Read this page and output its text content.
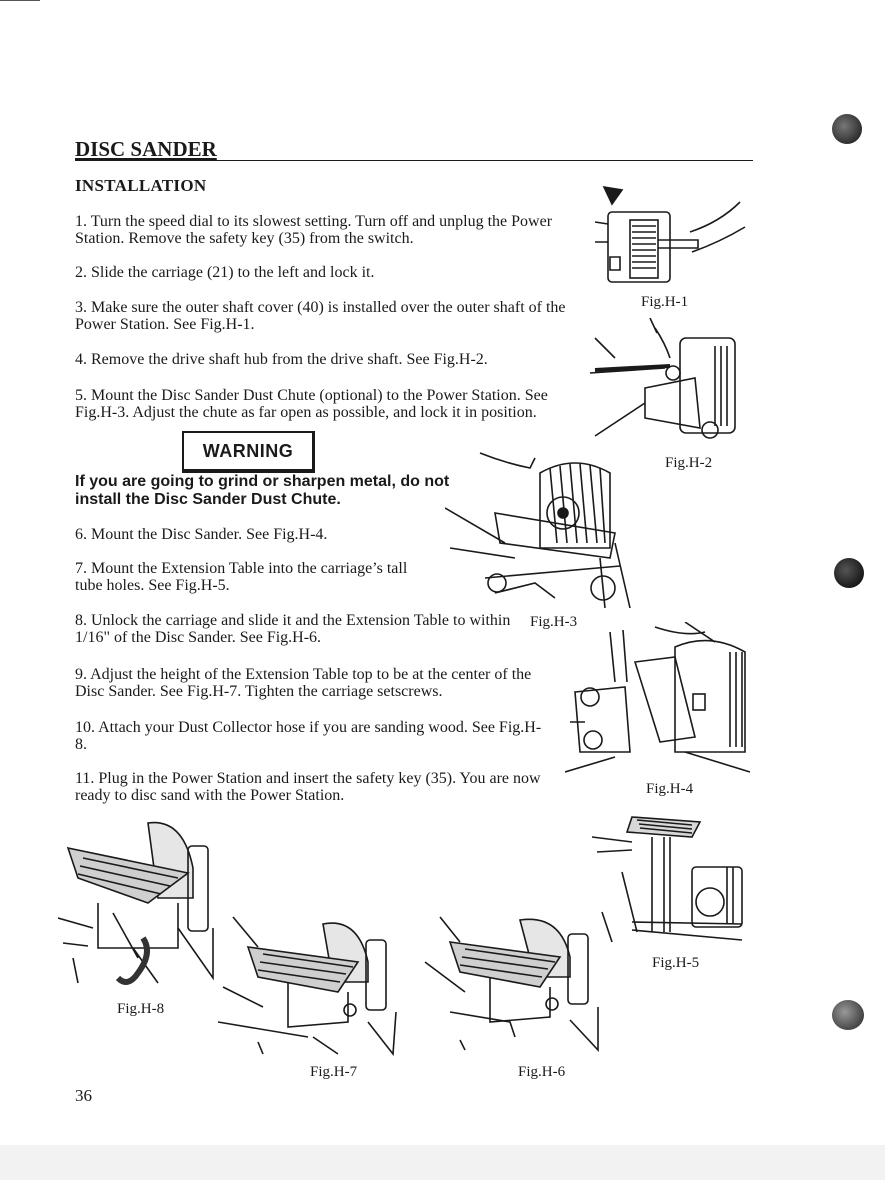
DISC SANDER
INSTALLATION
1. Turn the speed dial to its slowest setting. Turn off and unplug the Power Station. Remove the safety key (35) from the switch.
2. Slide the carriage (21) to the left and lock it.
3. Make sure the outer shaft cover (40) is installed over the outer shaft of the Power Station. See Fig.H-1.
4. Remove the drive shaft hub from the drive shaft. See Fig.H-2.
5. Mount the Disc Sander Dust Chute (optional) to the Power Station. See Fig.H-3. Adjust the chute as far open as possible, and lock it in position.
WARNING
If you are going to grind or sharpen metal, do not install the Disc Sander Dust Chute.
6. Mount the Disc Sander. See Fig.H-4.
7. Mount the Extension Table into the carriage’s tall tube holes. See Fig.H-5.
8. Unlock the carriage and slide it and the Extension Table to within 1/16" of the Disc Sander. See Fig.H-6.
9. Adjust the height of the Extension Table top to be at the center of the Disc Sander. See Fig.H-7. Tighten the carriage setscrews.
10. Attach your Dust Collector hose if you are sanding wood. See Fig.H-8.
11. Plug in the Power Station and insert the safety key (35). You are now ready to disc sand with the Power Station.
Fig.H-1
Fig.H-2
Fig.H-3
Fig.H-4
Fig.H-5
Fig.H-6
Fig.H-7
Fig.H-8
36
